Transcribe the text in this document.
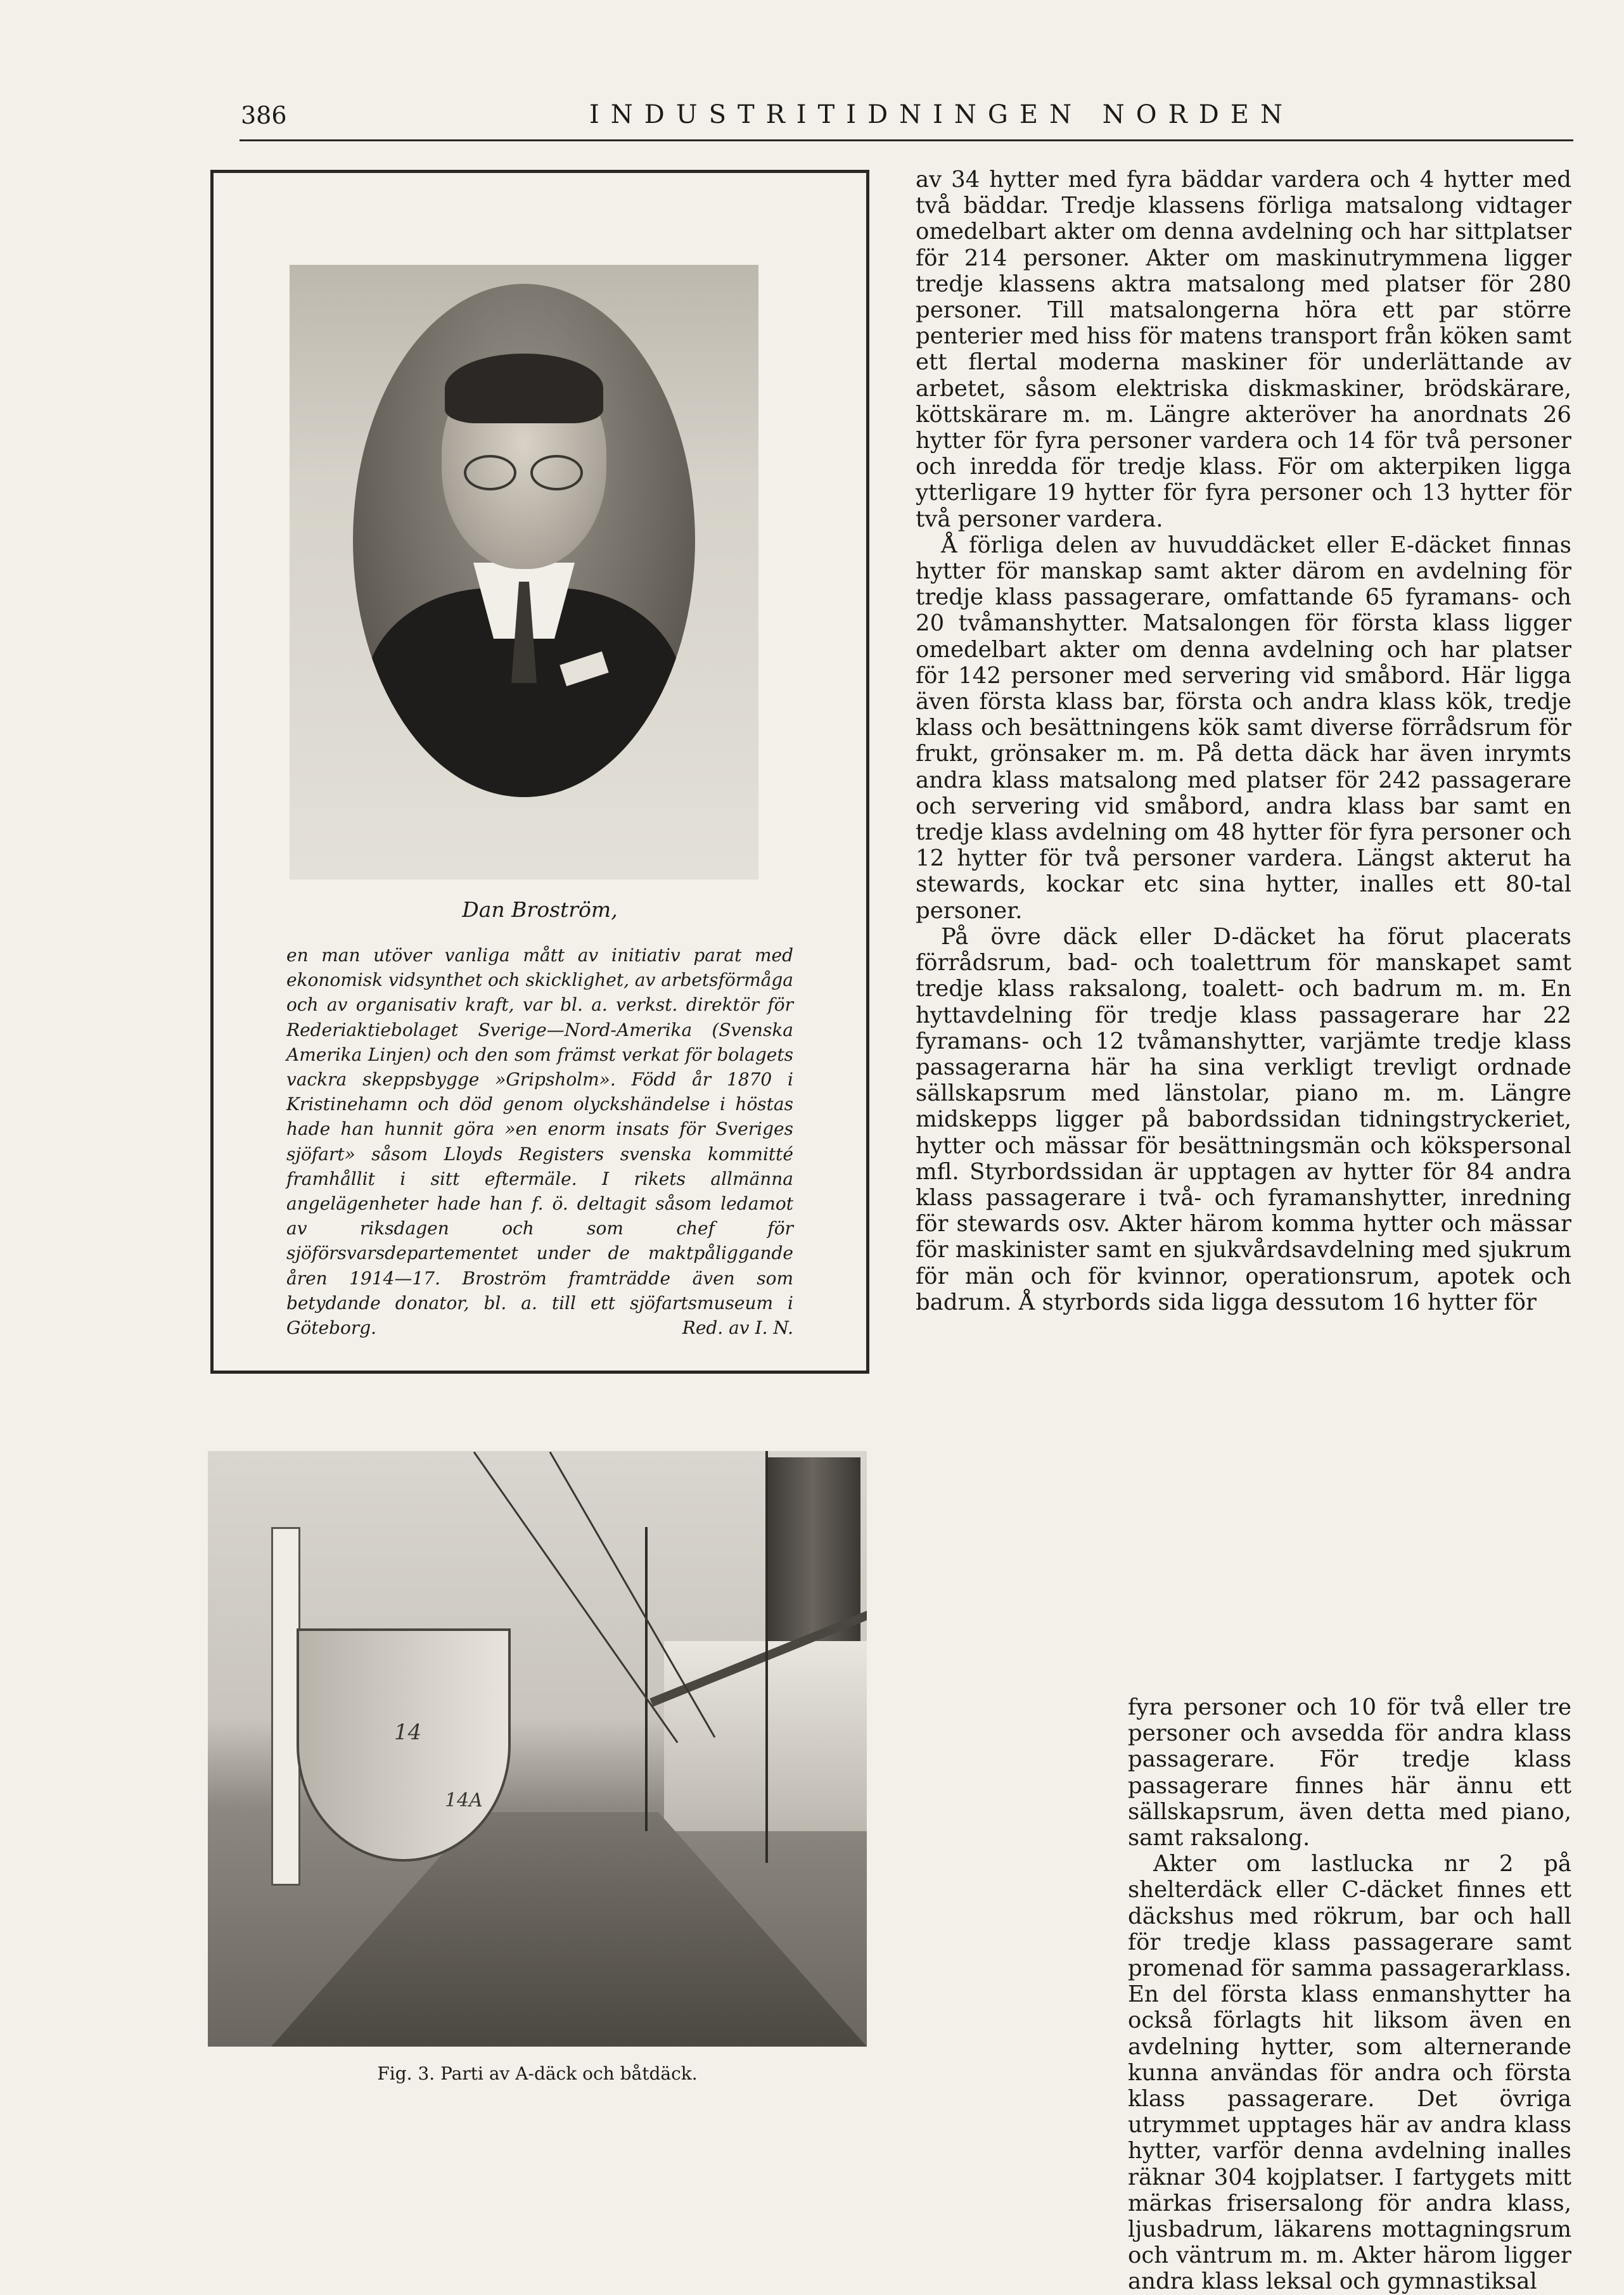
386	INDUSTRITIDNINGEN NORDEN
Dan Broström,
en man utöver vanliga mått av initiativ parat med ekonomisk vidsynthet och skicklighet, av arbetsförmåga och av organisativ kraft, var bl. a. verkst. direktör för Rederiaktiebolaget Sverige—Nord-Amerika (Svenska Amerika Linjen) och den som främst verkat för bolagets vackra skeppsbygge »Gripsholm». Född år 1870 i Kristinehamn och död genom olyckshändelse i höstas hade han hunnit göra »en enorm insats för Sveriges sjöfart» såsom Lloyds Registers svenska kommitté framhållit i sitt eftermäle. I rikets allmänna angelägenheter hade han f. ö. deltagit såsom ledamot av riksdagen och som chef för sjöförsvarsdepartementet under de maktpåliggande åren 1914—17. Broström framträdde även som betydande donator, bl. a. till ett sjöfartsmuseum i Göteborg.	Red. av I. N.
14
14A
Fig. 3. Parti av A-däck och båtdäck.

av 34 hytter med fyra bäddar vardera och 4 hytter med två bäddar. Tredje klassens förliga matsalong vidtager omedelbart akter om denna avdelning och har sittplatser för 214 personer. Akter om maskinutrymmena ligger tredje klassens aktra matsalong med platser för 280 personer. Till matsalongerna höra ett par större penterier med hiss för matens transport från köken samt ett flertal moderna maskiner för underlättande av arbetet, såsom elektriska diskmaskiner, brödskärare, köttskärare m. m. Längre akteröver ha anordnats 26 hytter för fyra personer vardera och 14 för två personer och inredda för tredje klass. För om akterpiken ligga ytterligare 19 hytter för fyra personer och 13 hytter för två personer vardera.

Å förliga delen av huvuddäcket eller E-däcket finnas hytter för manskap samt akter därom en avdelning för tredje klass passagerare, omfattande 65 fyramans- och 20 tvåmanshytter. Matsalongen för första klass ligger omedelbart akter om denna avdelning och har platser för 142 personer med servering vid småbord. Här ligga även första klass bar, första och andra klass kök, tredje klass och besättningens kök samt diverse förrådsrum för frukt, grönsaker m. m. På detta däck har även inrymts andra klass matsalong med platser för 242 passagerare och servering vid småbord, andra klass bar samt en tredje klass avdelning om 48 hytter för fyra personer och 12 hytter för två personer vardera. Längst akterut ha stewards, kockar etc sina hytter, inalles ett 80-tal personer.

På övre däck eller D-däcket ha förut placerats förrådsrum, bad- och toalettrum för manskapet samt tredje klass raksalong, toalett- och badrum m. m. En hyttavdelning för tredje klass passagerare har 22 fyramans- och 12 tvåmanshytter, varjämte tredje klass passagerarna här ha sina verkligt trevligt ordnade sällskapsrum med länstolar, piano m. m. Längre midskepps ligger på babordssidan tidningstryckeriet, hytter och mässar för besättningsmän och kökspersonal mfl. Styrbordssidan är upptagen av hytter för 84 andra klass passagerare i två- och fyramanshytter, inredning för stewards osv. Akter härom komma hytter och mässar för maskinister samt en sjukvårdsavdelning med sjukrum för män och för kvinnor, operationsrum, apotek och badrum. Å styrbords sida ligga dessutom 16 hytter för

fyra personer och 10 för två eller tre personer och avsedda för andra klass passagerare. För tredje klass passagerare finnes här ännu ett sällskapsrum, även detta med piano, samt raksalong.

Akter om lastlucka nr 2 på shelterdäck eller C-däcket finnes ett däckshus med rökrum, bar och hall för tredje klass passagerare samt promenad för samma passagerarklass. En del första klass enmanshytter ha också förlagts hit liksom även en avdelning hytter, som alternerande kunna användas för andra och första klass passagerare. Det övriga utrymmet upptages här av andra klass hytter, varför denna avdelning inalles räknar 304 kojplatser. I fartygets mitt märkas frisersalong för andra klass, ljusbadrum, läkarens mottagningsrum och väntrum m. m. Akter härom ligger andra klass leksal och gymnastiksal
